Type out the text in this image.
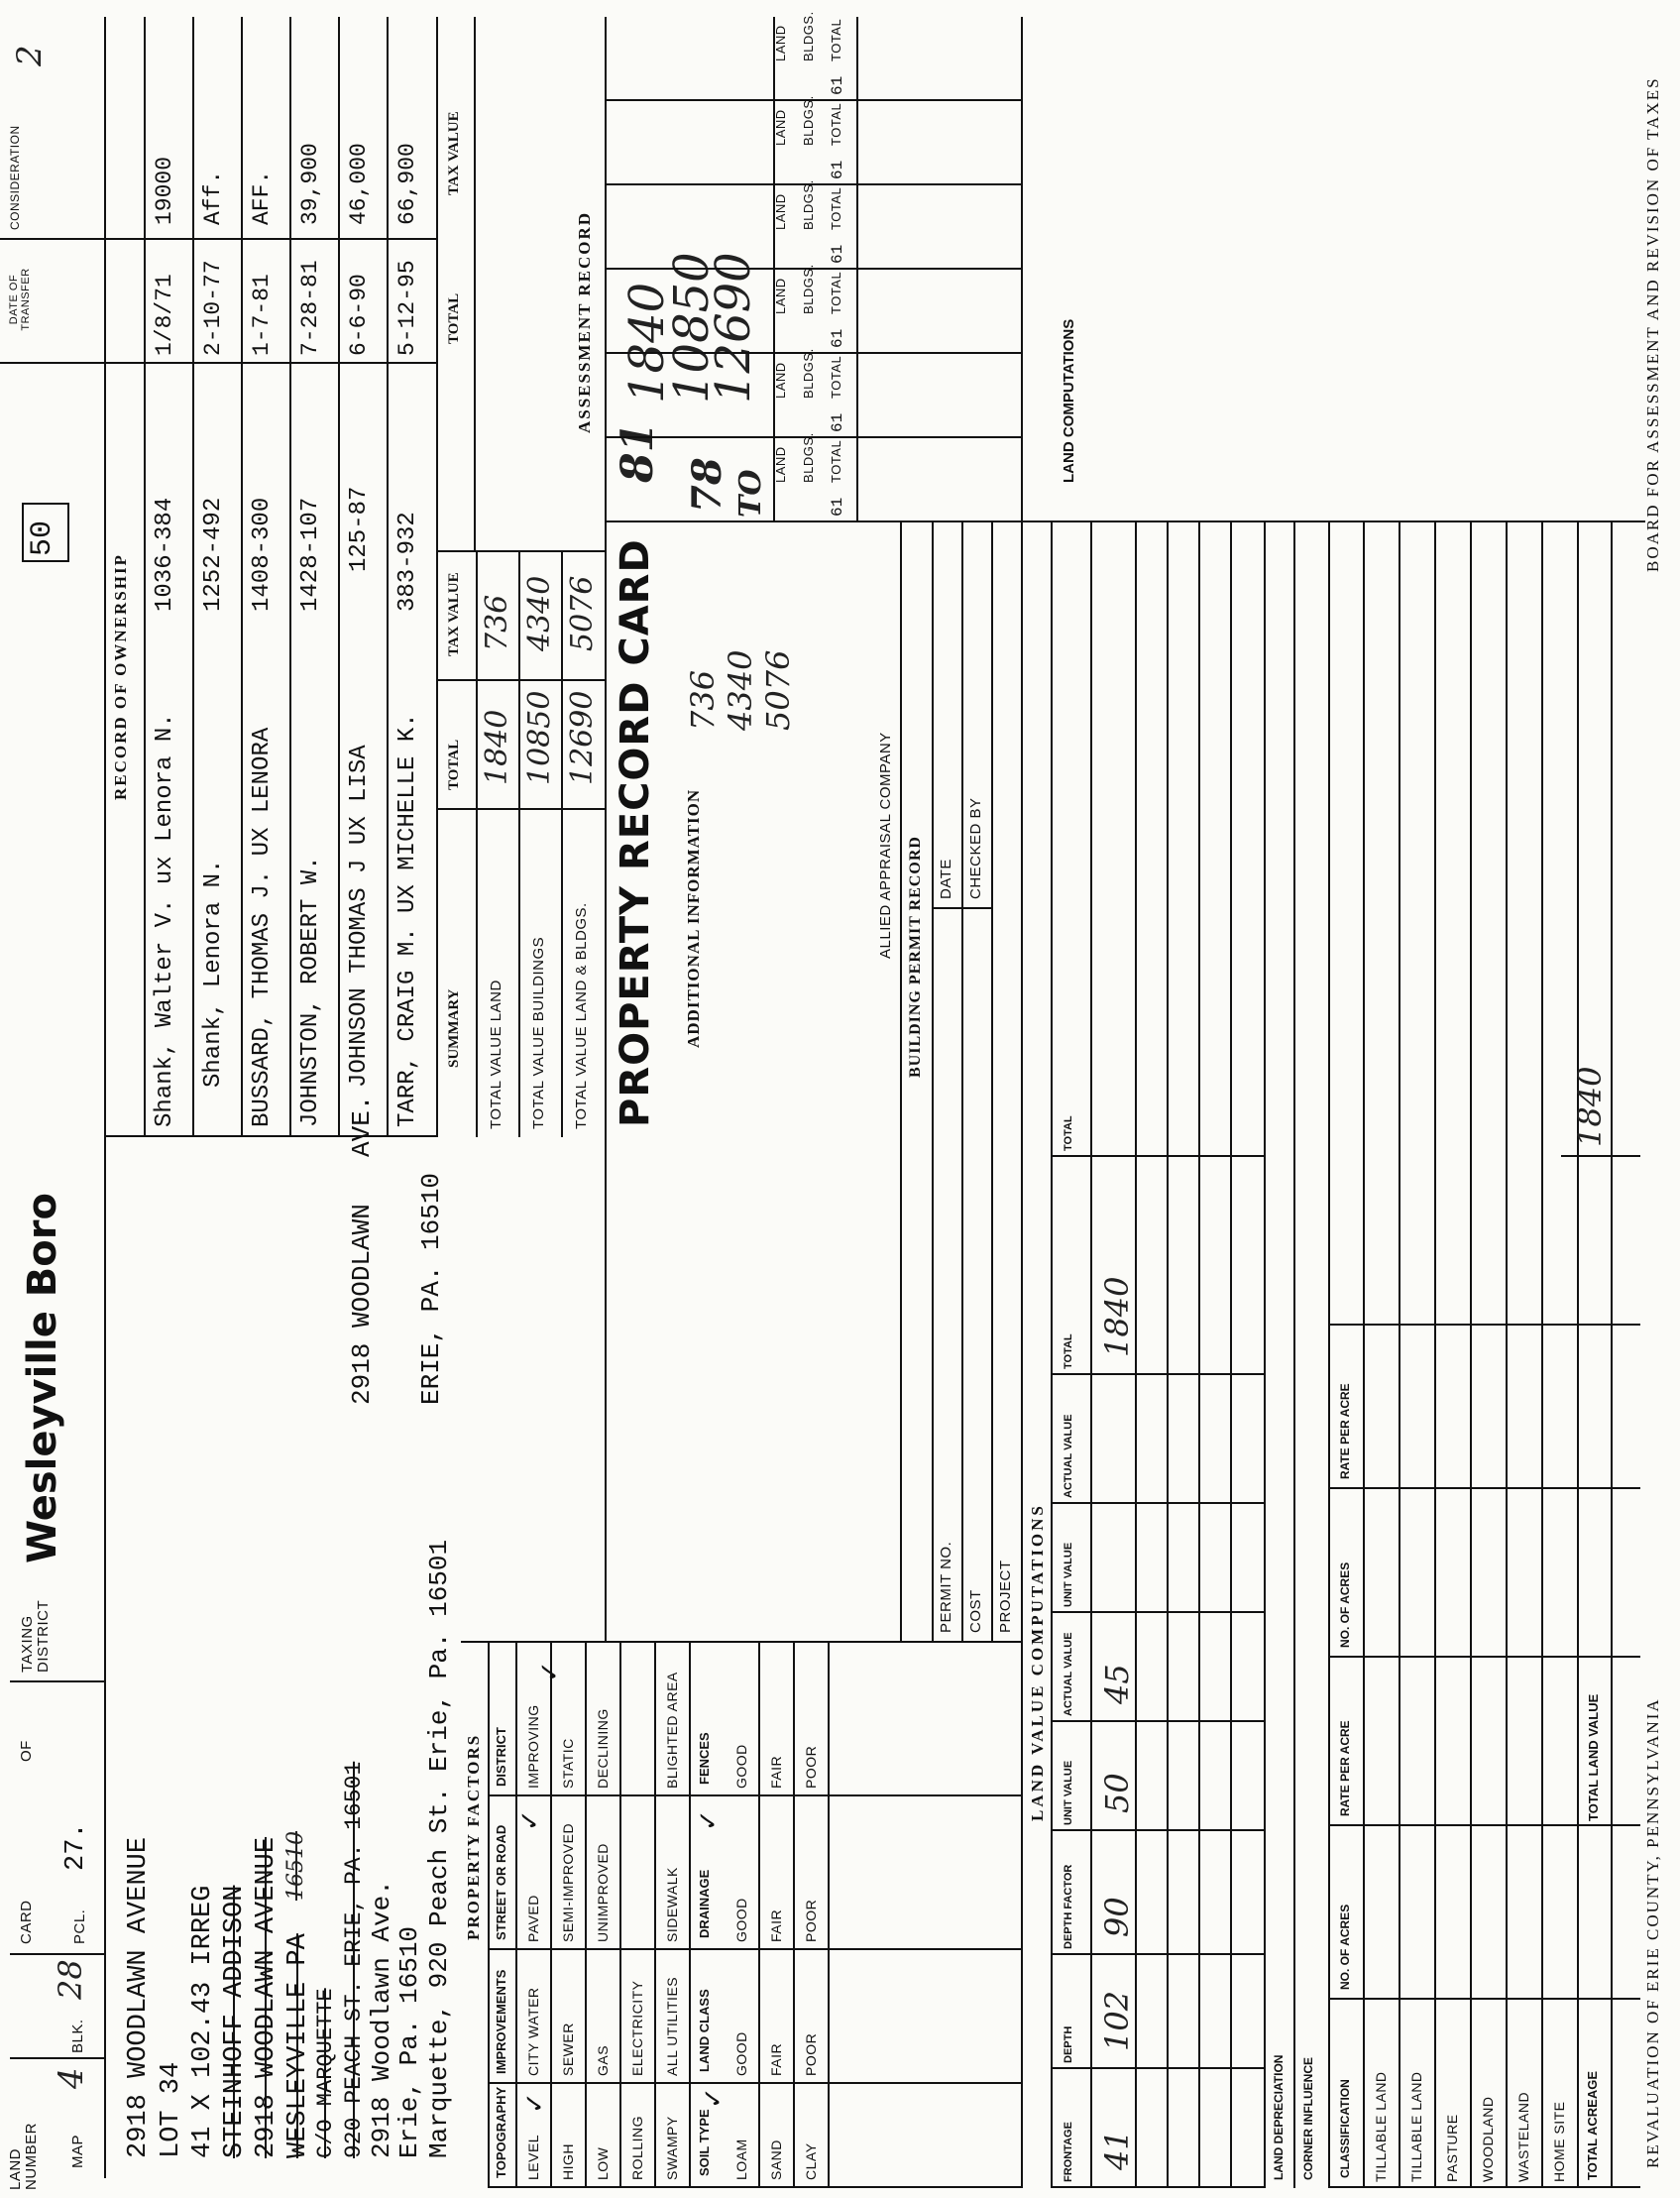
LAND NUMBER MAP
4
BLK.
28
CARD
OF
PCL.
27.
TAXING DISTRICT
Wesleyville Boro
50
2
2918 WOODLAWN AVENUE LOT 34 41 X 102.43 IRREG STEINHOFF ADDISON 2918 WOODLAWN AVENUE WESLEYVILLE PA
16510
C/O MARQUETTE 920 PEACH ST. ERIE, PA. 16501 2918 Woodlawn Ave.
Erie, Pa. 16510 Marquette, 920 Peach St. Erie, Pa. 16501
2918 WOODLAWN
AVE.
ERIE, PA. 16510
RECORD OF OWNERSHIP
DATE OF TRANSFER
CONSIDERATION
Shank, Walter V. ux Lenora N.
1036-384
1/8/71
19000
Shank, Lenora N.
1252-492
2-10-77
Aff.
BUSSARD, THOMAS J. UX LENORA
1408-300
1-7-81
AFF.
JOHNSTON, ROBERT W.
1428-107
7-28-81
39,900
JOHNSON THOMAS J UX LISA
125-87
6-6-90
46,000
TARR, CRAIG M. UX MICHELLE K.
383-932
5-12-95
66,900
SUMMARY
TOTAL
TAX VALUE
TOTAL VALUE LAND
1840
736
TOTAL VALUE BUILDINGS
10850
4340
TOTAL VALUE LAND & BLDGS.
12690
5076
TOTAL
TAX VALUE
PROPERTY RECORD CARD ADDITIONAL INFORMATION
736 4340 5076
ALLIED APPRAISAL COMPANY BUILDING PERMIT RECORD
PERMIT NO.
DATE
COST
CHECKED BY
PROJECT
ASSESSMENT RECORD 1840
10850
12690
81
78 TO
LAND BLDGS. TOTAL
61
LAND BLDGS. TOTAL
61
LAND BLDGS. TOTAL
61
LAND BLDGS. TOTAL
61
LAND BLDGS. TOTAL
61
LAND BLDGS. TOTAL
61
PROPERTY FACTORS
TOPOGRAPHY
IMPROVEMENTS
STREET OR ROAD
DISTRICT
LEVEL
CITY WATER
PAVED
IMPROVING
HIGH
SEWER
SEMI-IMPROVED
STATIC
LOW
GAS
UNIMPROVED
DECLINING
ROLLING
ELECTRICITY
SWAMPY
ALL UTILITIES
SIDEWALK
BLIGHTED AREA
SOIL TYPE
LAND CLASS
DRAINAGE
FENCES
LOAM
GOOD
GOOD
GOOD
SAND
FAIR
FAIR
FAIR
CLAY
POOR
POOR
POOR
✓
✓
✓
✓
✓	LAND VALUE COMPUTATIONS
LAND COMPUTATIONS
FRONTAGE
DEPTH
DEPTH FACTOR
UNIT VALUE
ACTUAL VALUE
UNIT VALUE
ACTUAL VALUE
TOTAL
TOTAL
41
102
90
50
45
1840
LAND DEPRECIATION CORNER INFLUENCE CLASSIFICATION
NO. OF ACRES
RATE PER ACRE
NO. OF ACRES
RATE PER ACRE
TILLABLE LAND TILLABLE LAND PASTURE WOODLAND WASTELAND HOME SITE TOTAL ACREAGE
TOTAL LAND VALUE
1840
REVALUATION OF ERIE COUNTY, PENNSYLVANIA
BOARD FOR ASSESSMENT AND REVISION OF TAXES
